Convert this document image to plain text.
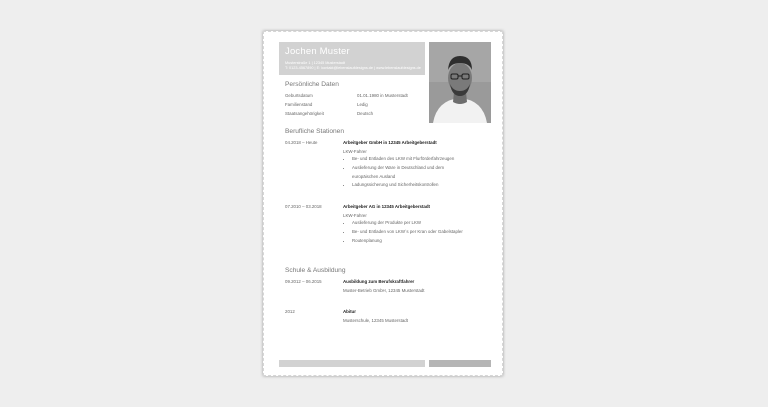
Jochen Muster
Musterstraße 1 | 12345 Musterstadt
T: 0123-4567890 | E: kontakt@lebenslaufdesigns.de | www.lebenslaufdesigns.de
Persönliche Daten
Geburtsdatum	01.01.1980 in Musterstadt
Familienstand	Ledig
Staatsangehörigkeit	Deutsch
Berufliche Stationen
04.2018 – Heute	Arbeitgeber GmbH in 12345 Arbeitgeberstadt
LKW-Fahrer
• Be- und Entladen des LKW mit Flurförderfahrzeugen
• Auslieferung der Ware in Deutschland und dem europäischen Ausland
• Ladungssicherung und Sicherheitskontrollen
07.2010 – 03.2018	Arbeitgeber AG in 12345 Arbeitgeberstadt
LKW-Fahrer
• Auslieferung der Produkte per LKW
• Be- und Entladen von LKW´s per Kran oder Gabelstapler
• Routenplanung
Schule & Ausbildung
09.2012 – 06.2015	Ausbildung zum Berufskraftfahrer
Muster-Betrieb GmbH, 12345 Musterstadt
2012	Abitur
Musterschule, 12345 Musterstadt
